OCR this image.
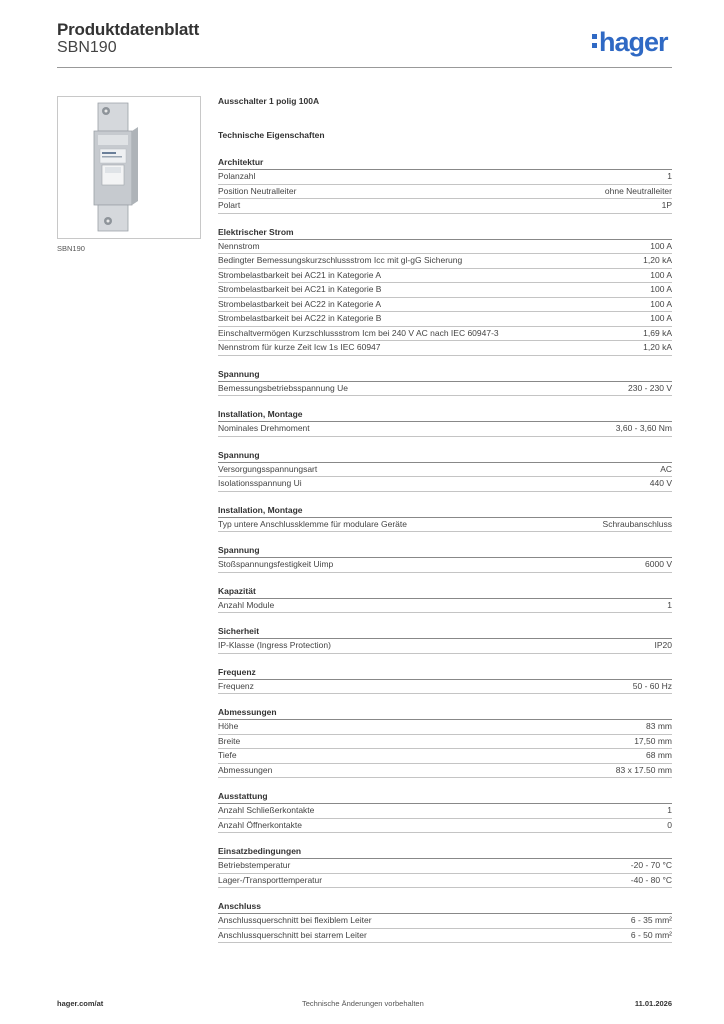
Produktdatenblatt
SBN190	hager
SBN190
Ausschalter 1 polig 100A
Technische Eigenschaften
Architektur
Polanzahl	1
Position Neutralleiter	ohne Neutralleiter
Polart	1P
Elektrischer Strom
Nennstrom	100 A
Bedingter Bemessungskurzschlussstrom Icc mit gl-gG Sicherung	1,20 kA
Strombelastbarkeit bei AC21 in Kategorie A	100 A
Strombelastbarkeit bei AC21 in Kategorie B	100 A
Strombelastbarkeit bei AC22 in Kategorie A	100 A
Strombelastbarkeit bei AC22 in Kategorie B	100 A
Einschaltvermögen Kurzschlussstrom Icm bei 240 V AC nach IEC 60947-3	1,69 kA
Nennstrom für kurze Zeit Icw 1s IEC 60947	1,20 kA
Spannung
Bemessungsbetriebsspannung Ue	230 - 230 V
Installation, Montage
Nominales Drehmoment	3,60 - 3,60 Nm
Spannung
Versorgungsspannungsart	AC
Isolationsspannung Ui	440 V
Installation, Montage
Typ untere Anschlussklemme für modulare Geräte	Schraubanschluss
Spannung
Stoßspannungsfestigkeit Uimp	6000 V
Kapazität
Anzahl Module	1
Sicherheit
IP-Klasse (Ingress Protection)	IP20
Frequenz
Frequenz	50 - 60 Hz
Abmessungen
Höhe	83 mm
Breite	17,50 mm
Tiefe	68 mm
Abmessungen	83 x 17.50 mm
Ausstattung
Anzahl Schließerkontakte	1
Anzahl Öffnerkontakte	0
Einsatzbedingungen
Betriebstemperatur	-20 - 70 °C
Lager-/Transporttemperatur	-40 - 80 °C
Anschluss
Anschlussquerschnitt bei flexiblem Leiter	6 - 35 mm²
Anschlussquerschnitt bei starrem Leiter	6 - 50 mm²
hager.com/at	Technische Änderungen vorbehalten	11.01.2026
